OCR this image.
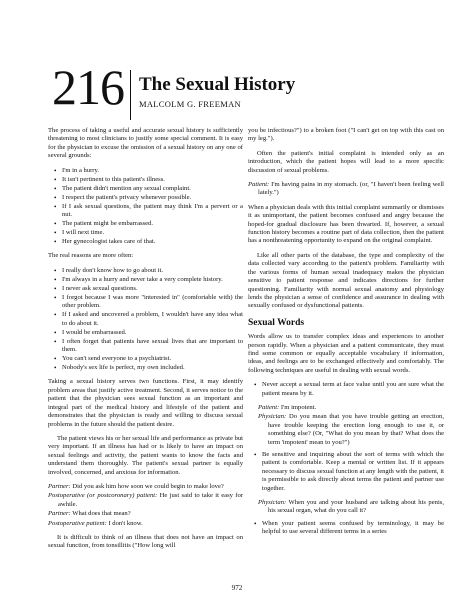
216 The Sexual History
MALCOLM G. FREEMAN

The process of taking a useful and accurate sexual history is sufficiently threatening to most clinicians to justify some special comment. It is easy for the physician to excuse the omission of a sexual history on any one of several grounds:

• I'm in a hurry.
• It isn't pertinent to this patient's illness.
• The patient didn't mention any sexual complaint.
• I respect the patient's privacy whenever possible.
• If I ask sexual questions, the patient may think I'm a pervert or a nut.
• The patient might be embarrassed.
• I will next time.
• Her gynecologist takes care of that.

The real reasons are more often:

• I really don't know how to go about it.
• I'm always in a hurry and never take a very complete history.
• I never ask sexual questions.
• I forgot because I was more "interested in" (comfortable with) the other problem.
• If I asked and uncovered a problem, I wouldn't have any idea what to do about it.
• I would be embarrassed.
• I often forget that patients have sexual lives that are important to them.
• You can't send everyone to a psychiatrist.
• Nobody's sex life is perfect, my own included.

Taking a sexual history serves two functions. First, it may identify problem areas that justify active treatment. Second, it serves notice to the patient that the physician sees sexual function as an important and integral part of the medical history and lifestyle of the patient and demonstrates that the physician is ready and willing to discuss sexual problems in the future should the patient desire.

The patient views his or her sexual life and performance as private but very important. If an illness has had or is likely to have an impact on sexual feelings and activity, the patient wants to know the facts and understand them thoroughly. The patient's sexual partner is equally involved, concerned, and anxious for information.

Partner: Did you ask him how soon we could begin to make love?
Postoperative (or postcoronary) patient: He just said to take it easy for awhile.
Partner: What does that mean?
Postoperative patient: I don't know.

It is difficult to think of an illness that does not have an impact on sexual function, from tonsillitis ("How long will

you be infectious?") to a broken foot ("I can't get on top with this cast on my leg.").

Often the patient's initial complaint is intended only as an introduction, which the patient hopes will lead to a more specific discussion of sexual problems.

Patient: I'm having pains in my stomach. (or, "I haven't been feeling well lately.")

When a physician deals with this initial complaint summarily or dismisses it as unimportant, the patient becomes confused and angry because the hoped-for gradual disclosure has been thwarted. If, however, a sexual function history becomes a routine part of data collection, then the patient has a nonthreatening opportunity to expand on the original complaint.

Like all other parts of the database, the type and complexity of the data collected vary according to the patient's problem. Familiarity with the various forms of human sexual inadequacy makes the physician sensitive to patient response and indicates directions for further questioning. Familiarity with normal sexual anatomy and physiology lends the physician a sense of confidence and assurance in dealing with sexually confused or dysfunctional patients.

Sexual Words

Words allow us to transfer complex ideas and experiences to another person rapidly. When a physician and a patient communicate, they must find some common or equally acceptable vocabulary if information, ideas, and feelings are to be exchanged effectively and comfortably. The following techniques are useful in dealing with sexual words.

• Never accept a sexual term at face value until you are sure what the patient means by it.
Patient: I'm impotent.
Physician: Do you mean that you have trouble getting an erection, have trouble keeping the erection long enough to use it, or something else? (Or, "What do you mean by that? What does the term 'impotent' mean to you?")
• Be sensitive and inquiring about the sort of terms with which the patient is comfortable. Keep a mental or written list. If it appears necessary to discuss sexual function at any length with the patient, it is permissible to ask directly about terms the patient and partner use together.
Physician: When you and your husband are talking about his penis, his sexual organ, what do you call it?
• When your patient seems confused by terminology, it may be helpful to use several different terms in a series
972
